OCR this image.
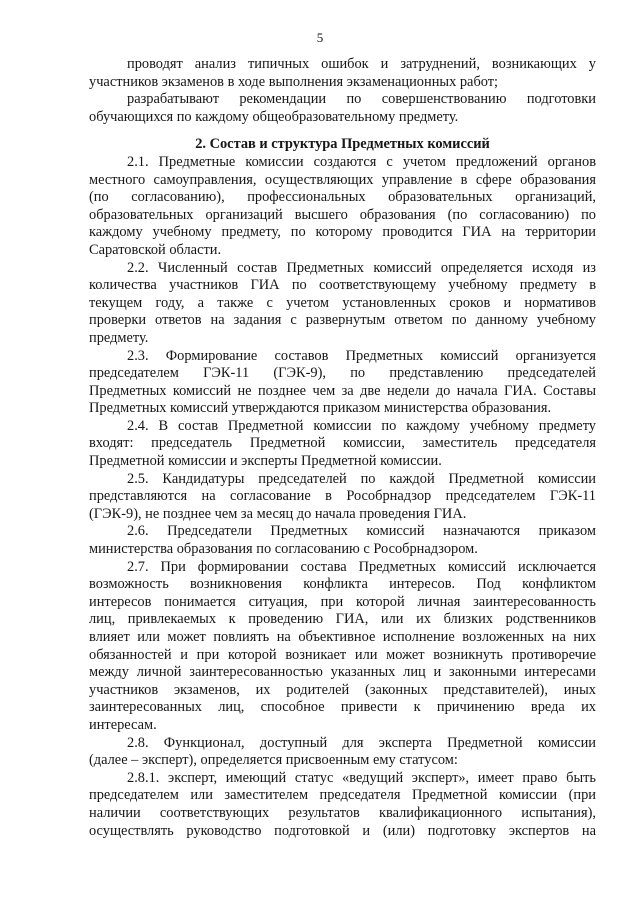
5
проводят анализ типичных ошибок и затруднений, возникающих у
участников экзаменов в ходе выполнения экзаменационных работ;
разрабатывают рекомендации по совершенствованию подготовки
обучающихся по каждому общеобразовательному предмету.
2. Состав и структура Предметных комиссий
2.1. Предметные комиссии создаются с учетом предложений органов
местного самоуправления, осуществляющих управление в сфере образования
(по согласованию), профессиональных образовательных организаций,
образовательных организаций высшего образования (по согласованию) по
каждому учебному предмету, по которому проводится ГИА на территории
Саратовской области.
2.2. Численный состав Предметных комиссий определяется исходя из
количества участников ГИА по соответствующему учебному предмету в
текущем году, а также с учетом установленных сроков и нормативов
проверки ответов на задания с развернутым ответом по данному учебному
предмету.
2.3. Формирование составов Предметных комиссий организуется
председателем ГЭК-11 (ГЭК-9), по представлению председателей
Предметных комиссий не позднее чем за две недели до начала ГИА. Составы
Предметных комиссий утверждаются приказом министерства образования.
2.4. В состав Предметной комиссии по каждому учебному предмету
входят: председатель Предметной комиссии, заместитель председателя
Предметной комиссии и эксперты Предметной комиссии.
2.5. Кандидатуры председателей по каждой Предметной комиссии
представляются на согласование в Рособрнадзор председателем ГЭК-11
(ГЭК-9), не позднее чем за месяц до начала проведения ГИА.
2.6. Председатели Предметных комиссий назначаются приказом
министерства образования по согласованию с Рособрнадзором.
2.7. При формировании состава Предметных комиссий исключается
возможность возникновения конфликта интересов. Под конфликтом
интересов понимается ситуация, при которой личная заинтересованность
лиц, привлекаемых к проведению ГИА, или их близких родственников
влияет или может повлиять на объективное исполнение возложенных на них
обязанностей и при которой возникает или может возникнуть противоречие
между личной заинтересованностью указанных лиц и законными интересами
участников экзаменов, их родителей (законных представителей), иных
заинтересованных лиц, способное привести к причинению вреда их
интересам.
2.8. Функционал, доступный для эксперта Предметной комиссии
(далее – эксперт), определяется присвоенным ему статусом:
2.8.1. эксперт, имеющий статус «ведущий эксперт», имеет право быть
председателем или заместителем председателя Предметной комиссии (при
наличии соответствующих результатов квалификационного испытания),
осуществлять руководство подготовкой и (или) подготовку экспертов на
